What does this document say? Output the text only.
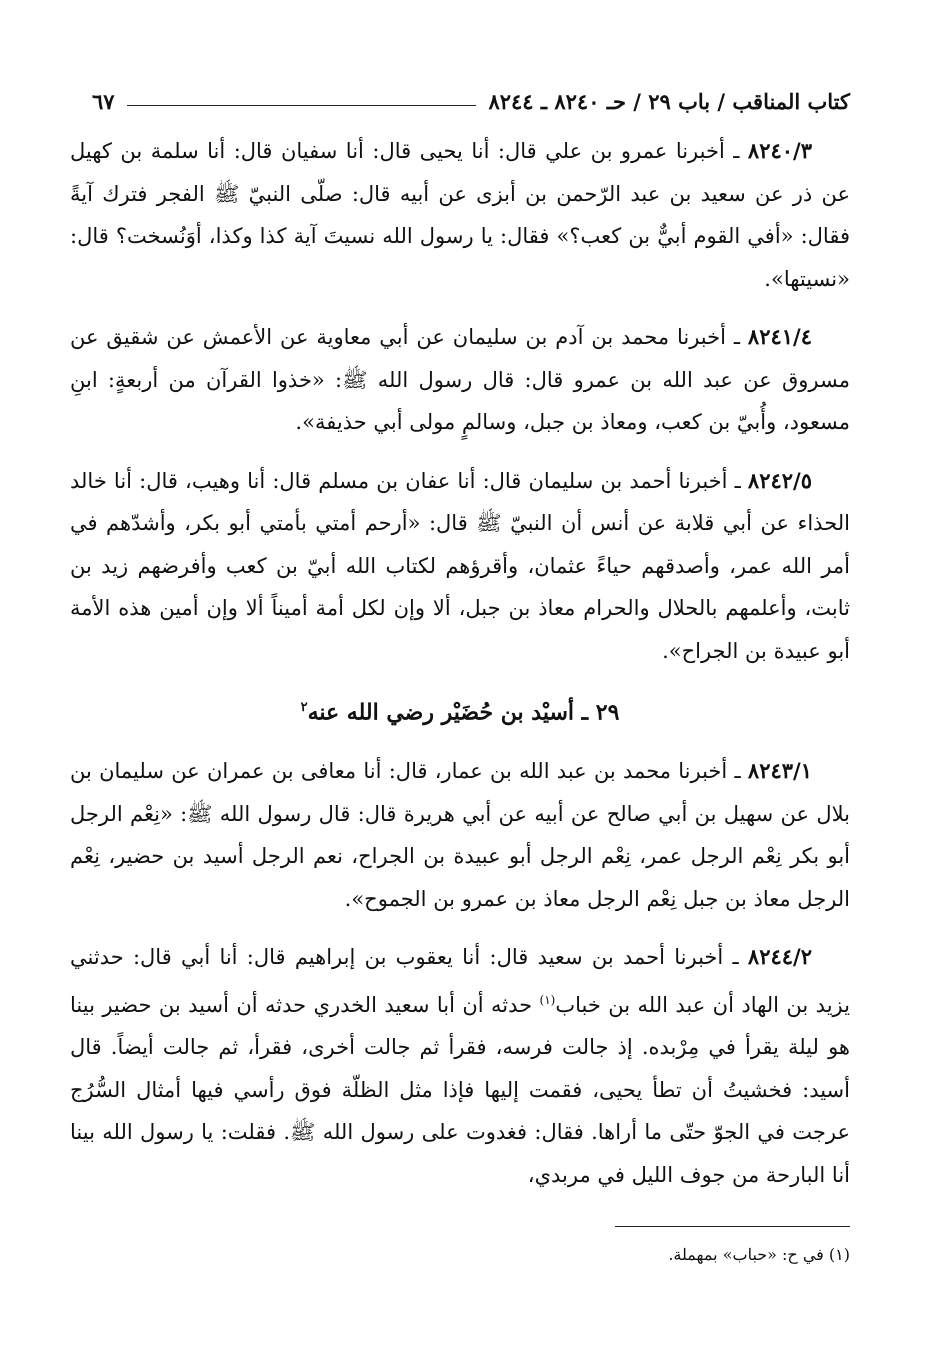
كتاب المناقب / باب ٢٩ / حـ ٨٢٤٠ ـ ٨٢٤٤
٦٧

٨٢٤٠/٣ ـ أخبرنا عمرو بن علي قال: أنا يحيى قال: أنا سفيان قال: أنا سلمة بن كهيل عن ذر عن سعيد بن عبد الرّحمن بن أبزى عن أبيه قال: صلّى النبيّ ﷺ الفجر فترك آيةً فقال: «أفي القوم أبيٌّ بن كعب؟» فقال: يا رسول الله نسيتَ آية كذا وكذا، أوَنُسخت؟ قال: «نسيتها».

٨٢٤١/٤ ـ أخبرنا محمد بن آدم بن سليمان عن أبي معاوية عن الأعمش عن شقيق عن مسروق عن عبد الله بن عمرو قال: قال رسول الله ﷺ: «خذوا القرآن من أربعةٍ: ابنِ مسعود، وأُبيّ بن كعب، ومعاذ بن جبل، وسالمٍ مولى أبي حذيفة».

٨٢٤٢/٥ ـ أخبرنا أحمد بن سليمان قال: أنا عفان بن مسلم قال: أنا وهيب، قال: أنا خالد الحذاء عن أبي قلابة عن أنس أن النبيّ ﷺ قال: «أرحم أمتي بأمتي أبو بكر، وأشدّهم في أمر الله عمر، وأصدقهم حياءً عثمان، وأقرؤهم لكتاب الله أبيّ بن كعب وأفرضهم زيد بن ثابت، وأعلمهم بالحلال والحرام معاذ بن جبل، ألا وإن لكل أمة أميناً ألا وإن أمين هذه الأمة أبو عبيدة بن الجراح».

٢٩ ـ أسيْد بن حُضَيْر رضي الله عنه$^٢$

٨٢٤٣/١ ـ أخبرنا محمد بن عبد الله بن عمار، قال: أنا معافى بن عمران عن سليمان بن بلال عن سهيل بن أبي صالح عن أبيه عن أبي هريرة قال: قال رسول الله ﷺ: «نِعْم الرجل أبو بكر نِعْم الرجل عمر، نِعْم الرجل أبو عبيدة بن الجراح، نعم الرجل أسيد بن حضير، نِعْم الرجل معاذ بن جبل نِعْم الرجل معاذ بن عمرو بن الجموح».

٨٢٤٤/٢ ـ أخبرنا أحمد بن سعيد قال: أنا يعقوب بن إبراهيم قال: أنا أبي قال: حدثني يزيد بن الهاد أن عبد الله بن خباب$^{(١)}$ حدثه أن أبا سعيد الخدري حدثه أن أسيد بن حضير بينا هو ليلة يقرأ في مِرْبده. إذ جالت فرسه، فقرأ ثم جالت أخرى، فقرأ، ثم جالت أيضاً. قال أسيد: فخشيتُ أن تطأ يحيى، فقمت إليها فإذا مثل الظلّة فوق رأسي فيها أمثال السُّرُج عرجت في الجوّ حتّى ما أراها. فقال: فغدوت على رسول الله ﷺ. فقلت: يا رسول الله بينا أنا البارحة من جوف الليل في مربدي،

(١) في ح: «حباب» بمهملة.
